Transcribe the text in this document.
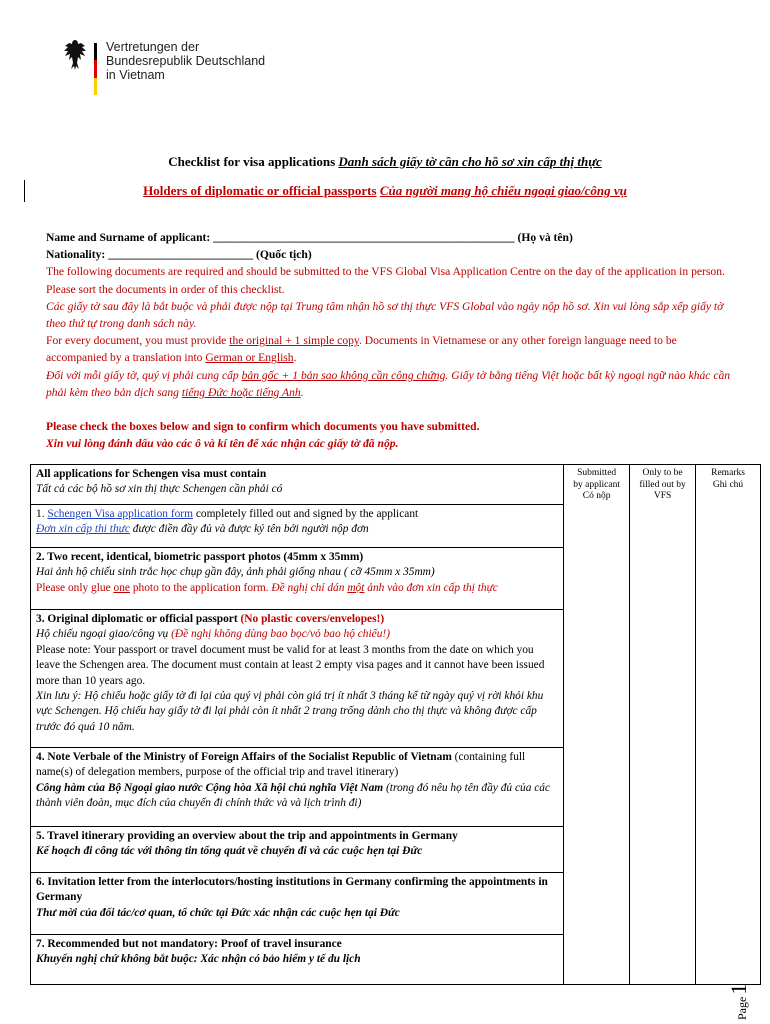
Vertretungen der
Bundesrepublik Deutschland
in Vietnam
Checklist for visa applications Danh sách giấy tờ cần cho hồ sơ xin cấp thị thực
Holders of diplomatic or official passports Của người mang hộ chiếu ngoại giao/công vụ

Name and Surname of applicant: ____________________________________________________ (Họ và tên)

Nationality: _________________________ (Quốc tịch)

The following documents are required and should be submitted to the VFS Global Visa Application Centre on the day of the application in person. Please sort the documents in order of this checklist.

Các giấy tờ sau đây là bắt buộc và phải được nộp tại Trung tâm nhận hồ sơ thị thực VFS Global vào ngày nộp hồ sơ. Xin vui lòng sắp xếp giấy tờ theo thứ tự trong danh sách này.

For every document, you must provide the original + 1 simple copy. Documents in Vietnamese or any other foreign language need to be accompanied by a translation into German or English.

Đối với mỗi giấy tờ, quý vị phải cung cấp bản gốc + 1 bản sao không cần công chứng. Giấy tờ bằng tiếng Việt hoặc bất kỳ ngoại ngữ nào khác cần phải kèm theo bản dịch sang tiếng Đức hoặc tiếng Anh.

Please check the boxes below and sign to confirm which documents you have submitted.

Xin vui lòng đánh dấu vào các ô và kí tên để xác nhận các giấy tờ đã nộp.

All applications for Schengen visa must contain
Tất cả các bộ hồ sơ xin thị thực Schengen cần phải có

Submitted
by applicant
Có nộp

Only to be
filled out by
VFS

Remarks
Ghi chú

1. Schengen Visa application form completely filled out and signed by the applicant
Đơn xin cấp thị thực được điền đầy đủ và được ký tên bởi người nộp đơn

2. Two recent, identical, biometric passport photos (45mm x 35mm)
Hai ảnh hộ chiếu sinh trắc học chụp gần đây, ảnh phải giống nhau ( cỡ 45mm x 35mm)
Please only glue one photo to the application form. Đề nghị chỉ dán một ảnh vào đơn xin cấp thị thực

3. Original diplomatic or official passport (No plastic covers/envelopes!)
Hộ chiếu ngoại giao/công vụ (Đề nghị không dùng bao bọc/vỏ bao hộ chiếu!)
Please note: Your passport or travel document must be valid for at least 3 months from the date on which you leave the Schengen area. The document must contain at least 2 empty visa pages and it cannot have been issued more than 10 years ago.
Xin lưu ý: Hộ chiếu hoặc giấy tờ đi lại của quý vị phải còn giá trị ít nhất 3 tháng kể từ ngày quý vị rời khỏi khu vực Schengen. Hộ chiếu hay giấy tờ đi lại phải còn ít nhất 2 trang trống dành cho thị thực và không được cấp trước đó quá 10 năm.

4. Note Verbale of the Ministry of Foreign Affairs of the Socialist Republic of Vietnam (containing full name(s) of delegation members, purpose of the official trip and travel itinerary)
Công hàm của Bộ Ngoại giao nước Cộng hòa Xã hội chủ nghĩa Việt Nam (trong đó nêu họ tên đầy đủ của các thành viên đoàn, mục đích của chuyến đi chính thức và và lịch trình đi)

5. Travel itinerary providing an overview about the trip and appointments in Germany
Kế hoạch đi công tác với thông tin tổng quát về chuyến đi và các cuộc hẹn tại Đức

6. Invitation letter from the interlocutors/hosting institutions in Germany confirming the appointments in Germany
Thư mời của đối tác/cơ quan, tổ chức tại Đức xác nhận các cuộc hẹn tại Đức

7. Recommended but not mandatory: Proof of travel insurance
Khuyến nghị chứ không bắt buộc: Xác nhận có bảo hiểm y tế du lịch
Page1
